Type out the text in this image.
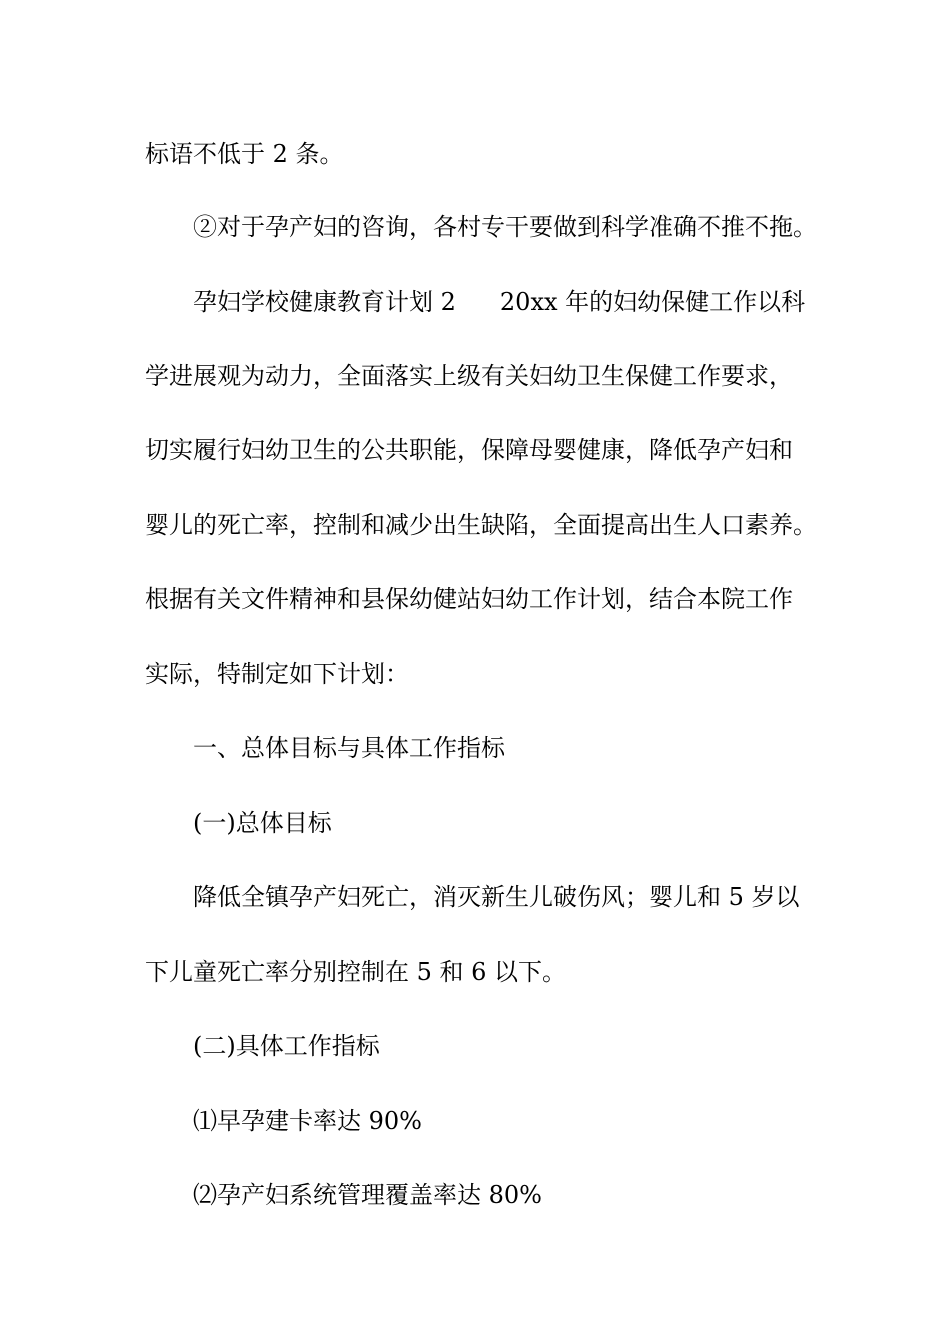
标语不低于 2 条。
②对于孕产妇的咨询，各村专干要做到科学准确不推不拖。
孕妇学校健康教育计划 2 20xx 年的妇幼保健工作以科
学进展观为动力，全面落实上级有关妇幼卫生保健工作要求，
切实履行妇幼卫生的公共职能，保障母婴健康，降低孕产妇和
婴儿的死亡率，控制和减少出生缺陷，全面提高出生人口素养。
根据有关文件精神和县保幼健站妇幼工作计划，结合本院工作
实际，特制定如下计划：
一、总体目标与具体工作指标
(一)总体目标
降低全镇孕产妇死亡，消灭新生儿破伤风；婴儿和 5 岁以
下儿童死亡率分别控制在 5 和 6 以下。
(二)具体工作指标
⑴早孕建卡率达 90%
⑵孕产妇系统管理覆盖率达 80%
